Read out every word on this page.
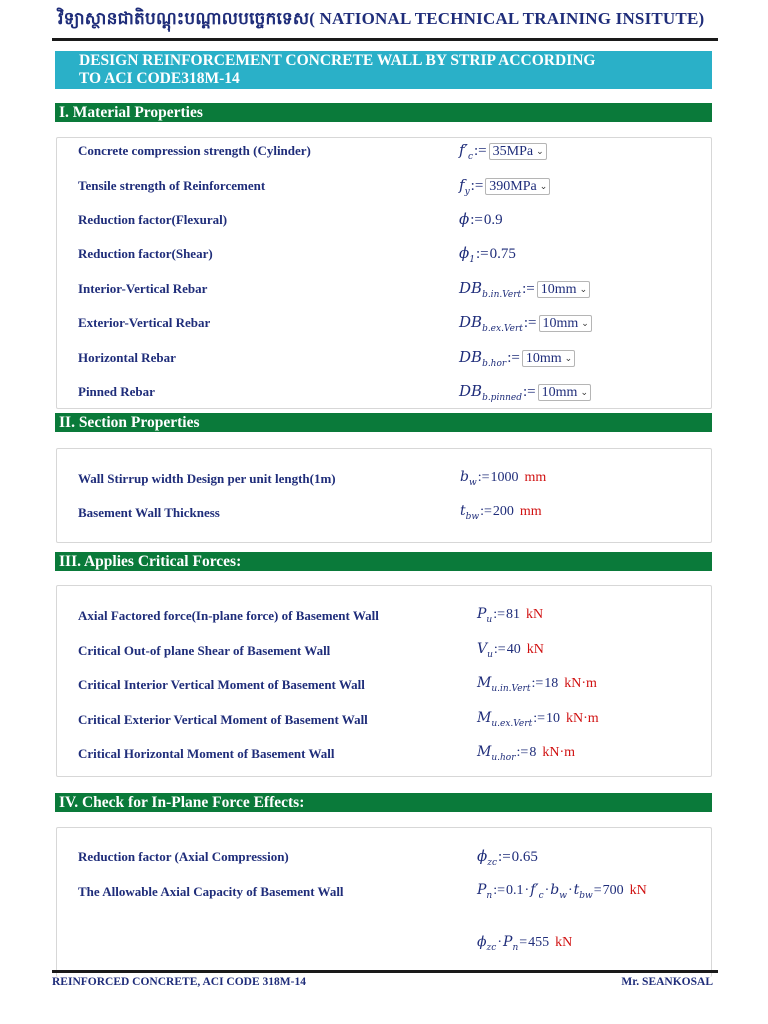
វិទ្យាស្ថានជាតិបណ្តុះបណ្តាលបច្ចេកទេស( NATIONAL TECHNICAL TRAINING INSITUTE)
DESIGN REINFORCEMENT CONCRETE WALL BY STRIP ACCORDING
TO ACI CODE318M-14
I. Material Properties
Concrete compression strength (Cylinder)	$f'_c:= 35MPa$ ⌄
Tensile strength of Reinforcement	$f_y:= 390MPa$ ⌄
Reduction factor(Flexural)	ϕ:=0.9
Reduction factor(Shear)	$\phi_1:=0.75$
Interior-Vertical Rebar	$DB_{b.in.Vert}:= 10mm$ ⌄
Exterior-Vertical Rebar	$DB_{b.ex.Vert}:= 10mm$ ⌄
Horizontal Rebar	$DB_{b.hor}:= 10mm$ ⌄
Pinned Rebar	$DB_{b.pinned}:= 10mm$ ⌄
II. Section Properties
Wall Stirrup width Design per unit length(1m)	$b_w:=1000$ mm
Basement Wall Thickness	$t_{bw}:=200$ mm
III. Applies Critical Forces:
Axial Factored force(In-plane force) of Basement Wall	$P_u:=81$ kN
Critical Out-of plane Shear of Basement Wall	$V_u:=40$ kN
Critical Interior Vertical Moment of Basement Wall	$M_{u.in.Vert}:=18$ kN·m
Critical Exterior Vertical Moment of Basement Wall	$M_{u.ex.Vert}:=10$ kN·m
Critical Horizontal Moment of Basement Wall	$M_{u.hor}:=8$ kN·m
IV. Check for In-Plane Force Effects:
Reduction factor (Axial Compression)	$\phi_{zc}:=0.65$
The Allowable Axial Capacity of Basement Wall	$P_n:=0.1\cdot f'_c\cdot b_w\cdot t_{bw}=700$ kN
$\phi_{zc}\cdot P_n=455$ kN
REINFORCED CONCRETE, ACI CODE 318M-14	Mr. SEANKOSAL
